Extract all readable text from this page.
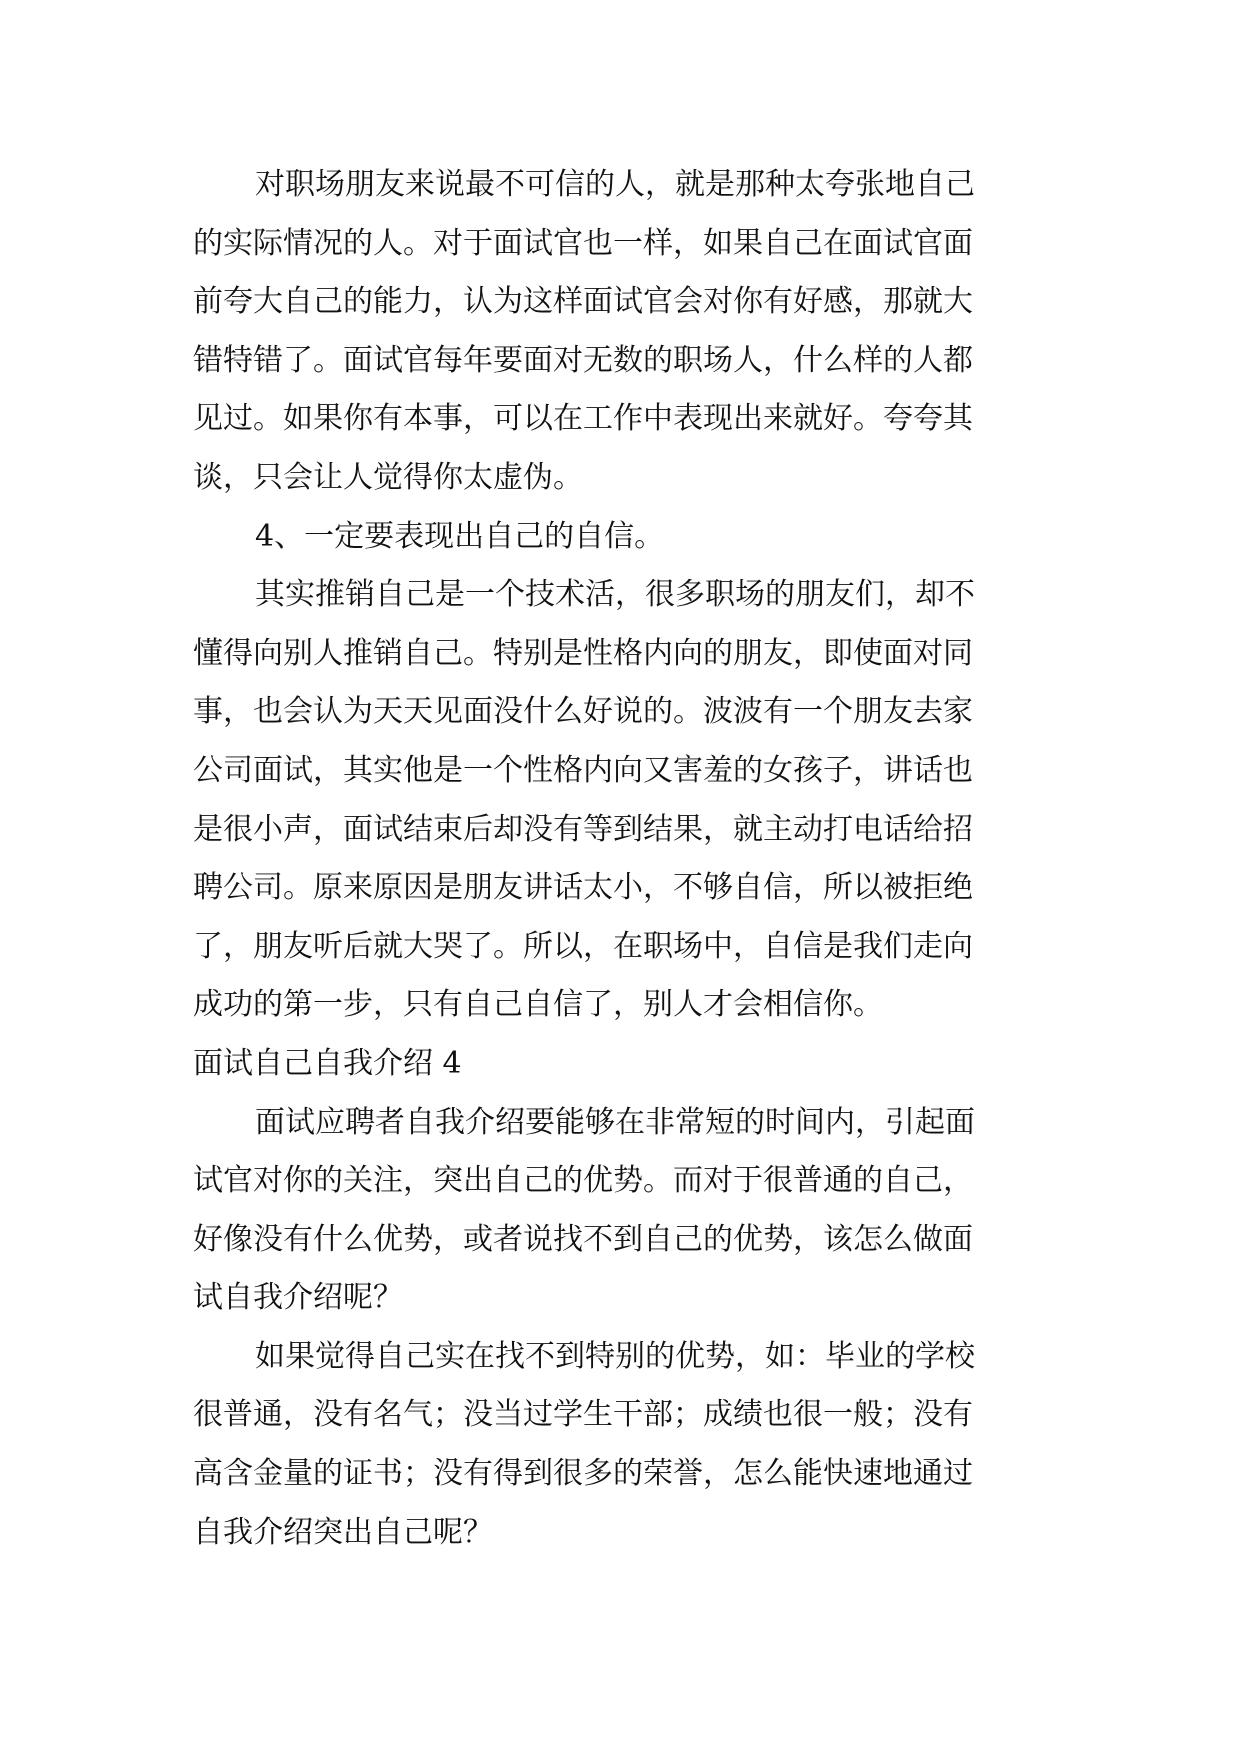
对职场朋友来说最不可信的人，就是那种太夸张地自己
的实际情况的人。对于面试官也一样，如果自己在面试官面
前夸大自己的能力，认为这样面试官会对你有好感，那就大
错特错了。面试官每年要面对无数的职场人，什么样的人都
见过。如果你有本事，可以在工作中表现出来就好。夸夸其
谈，只会让人觉得你太虚伪。
4、一定要表现出自己的自信。
其实推销自己是一个技术活，很多职场的朋友们，却不
懂得向别人推销自己。特别是性格内向的朋友，即使面对同
事，也会认为天天见面没什么好说的。波波有一个朋友去家
公司面试，其实他是一个性格内向又害羞的女孩子，讲话也
是很小声，面试结束后却没有等到结果，就主动打电话给招
聘公司。原来原因是朋友讲话太小，不够自信，所以被拒绝
了，朋友听后就大哭了。所以，在职场中，自信是我们走向
成功的第一步，只有自己自信了，别人才会相信你。
面试自己自我介绍 4
面试应聘者自我介绍要能够在非常短的时间内，引起面
试官对你的关注，突出自己的优势。而对于很普通的自己，
好像没有什么优势，或者说找不到自己的优势，该怎么做面
试自我介绍呢？
如果觉得自己实在找不到特别的优势，如：毕业的学校
很普通，没有名气；没当过学生干部；成绩也很一般；没有
高含金量的证书；没有得到很多的荣誉，怎么能快速地通过
自我介绍突出自己呢？
